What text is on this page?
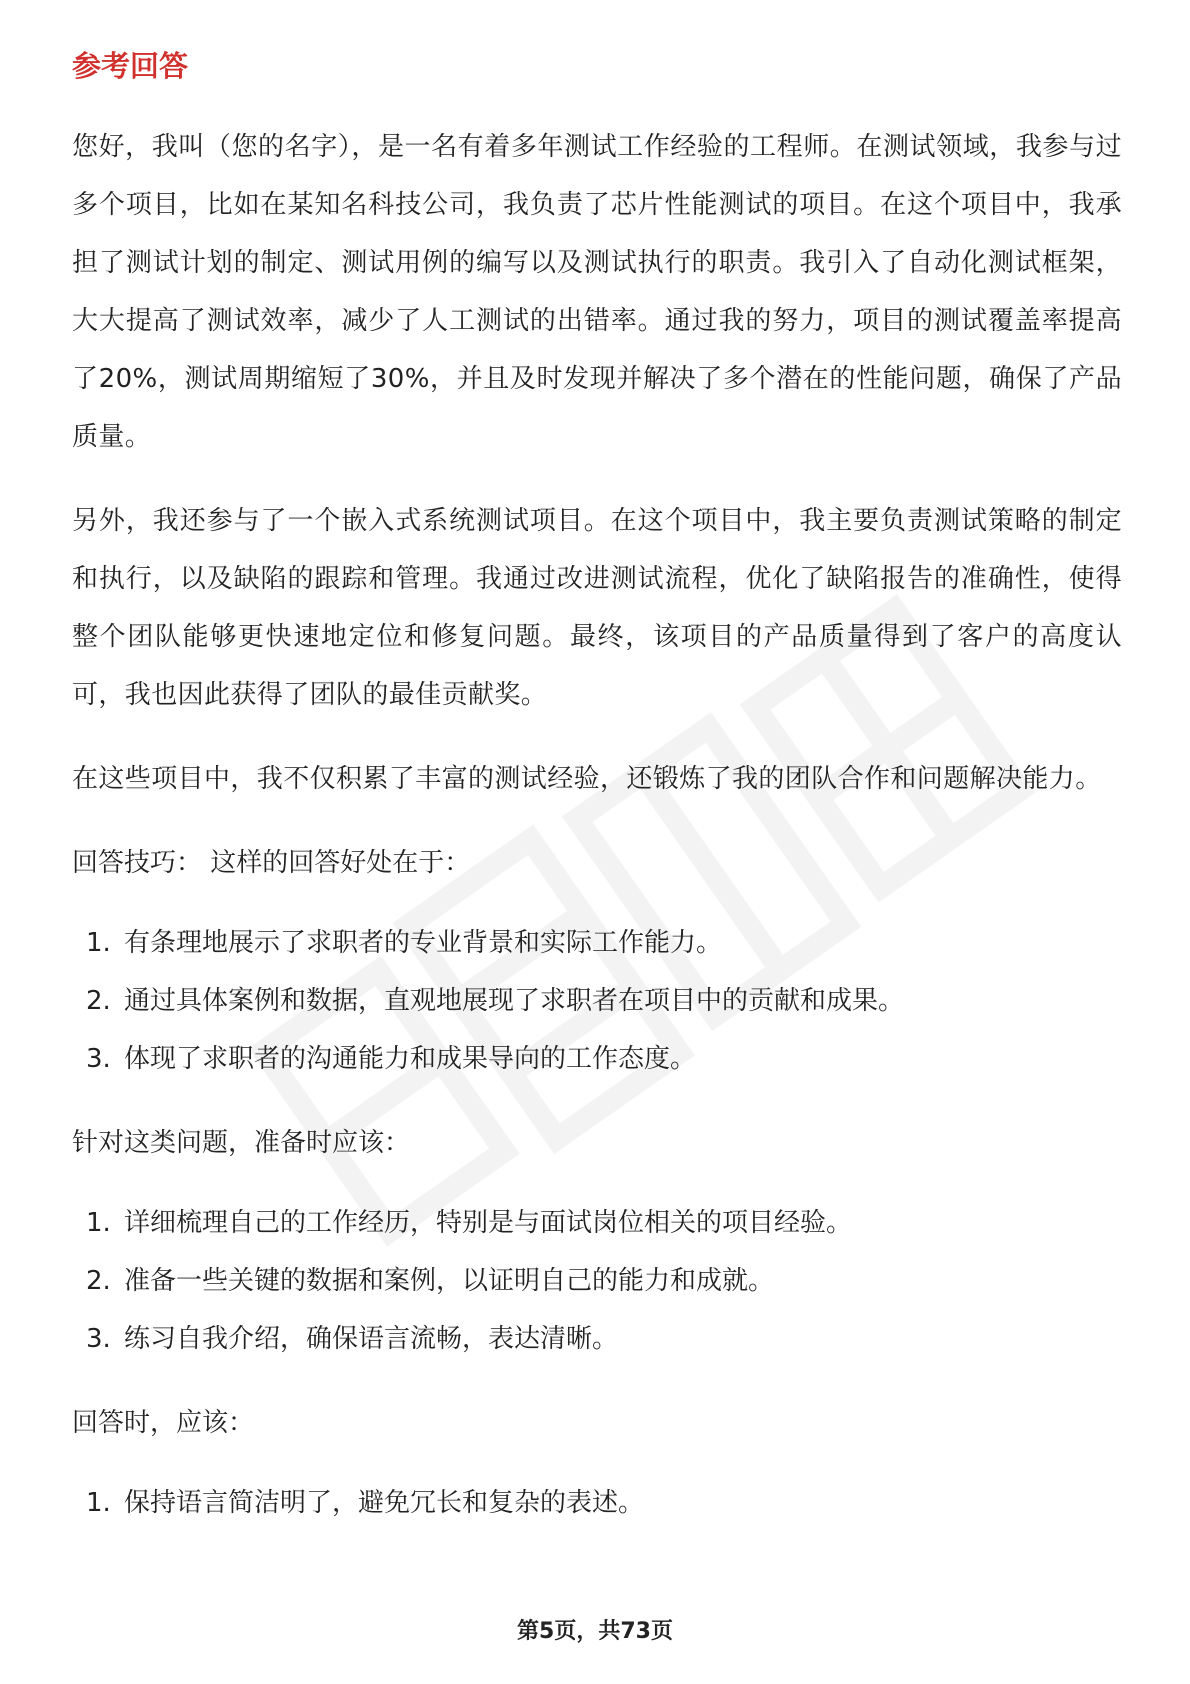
参考回答

您好，我叫（您的名字），是一名有着多年测试工作经验的工程师。在测试领域，我参与过多个项目，比如在某知名科技公司，我负责了芯片性能测试的项目。在这个项目中，我承担了测试计划的制定、测试用例的编写以及测试执行的职责。我引入了自动化测试框架，大大提高了测试效率，减少了人工测试的出错率。通过我的努力，项目的测试覆盖率提高了20%，测试周期缩短了30%，并且及时发现并解决了多个潜在的性能问题，确保了产品质量。

另外，我还参与了一个嵌入式系统测试项目。在这个项目中，我主要负责测试策略的制定和执行，以及缺陷的跟踪和管理。我通过改进测试流程，优化了缺陷报告的准确性，使得整个团队能够更快速地定位和修复问题。最终，该项目的产品质量得到了客户的高度认可，我也因此获得了团队的最佳贡献奖。

在这些项目中，我不仅积累了丰富的测试经验，还锻炼了我的团队合作和问题解决能力。

回答技巧： 这样的回答好处在于：
1. 有条理地展示了求职者的专业背景和实际工作能力。
2. 通过具体案例和数据，直观地展现了求职者在项目中的贡献和成果。
3. 体现了求职者的沟通能力和成果导向的工作态度。
针对这类问题，准备时应该：
1. 详细梳理自己的工作经历，特别是与面试岗位相关的项目经验。
2. 准备一些关键的数据和案例，以证明自己的能力和成就。
3. 练习自我介绍，确保语言流畅，表达清晰。
回答时，应该：
1. 保持语言简洁明了，避免冗长和复杂的表述。
第5页，共73页
